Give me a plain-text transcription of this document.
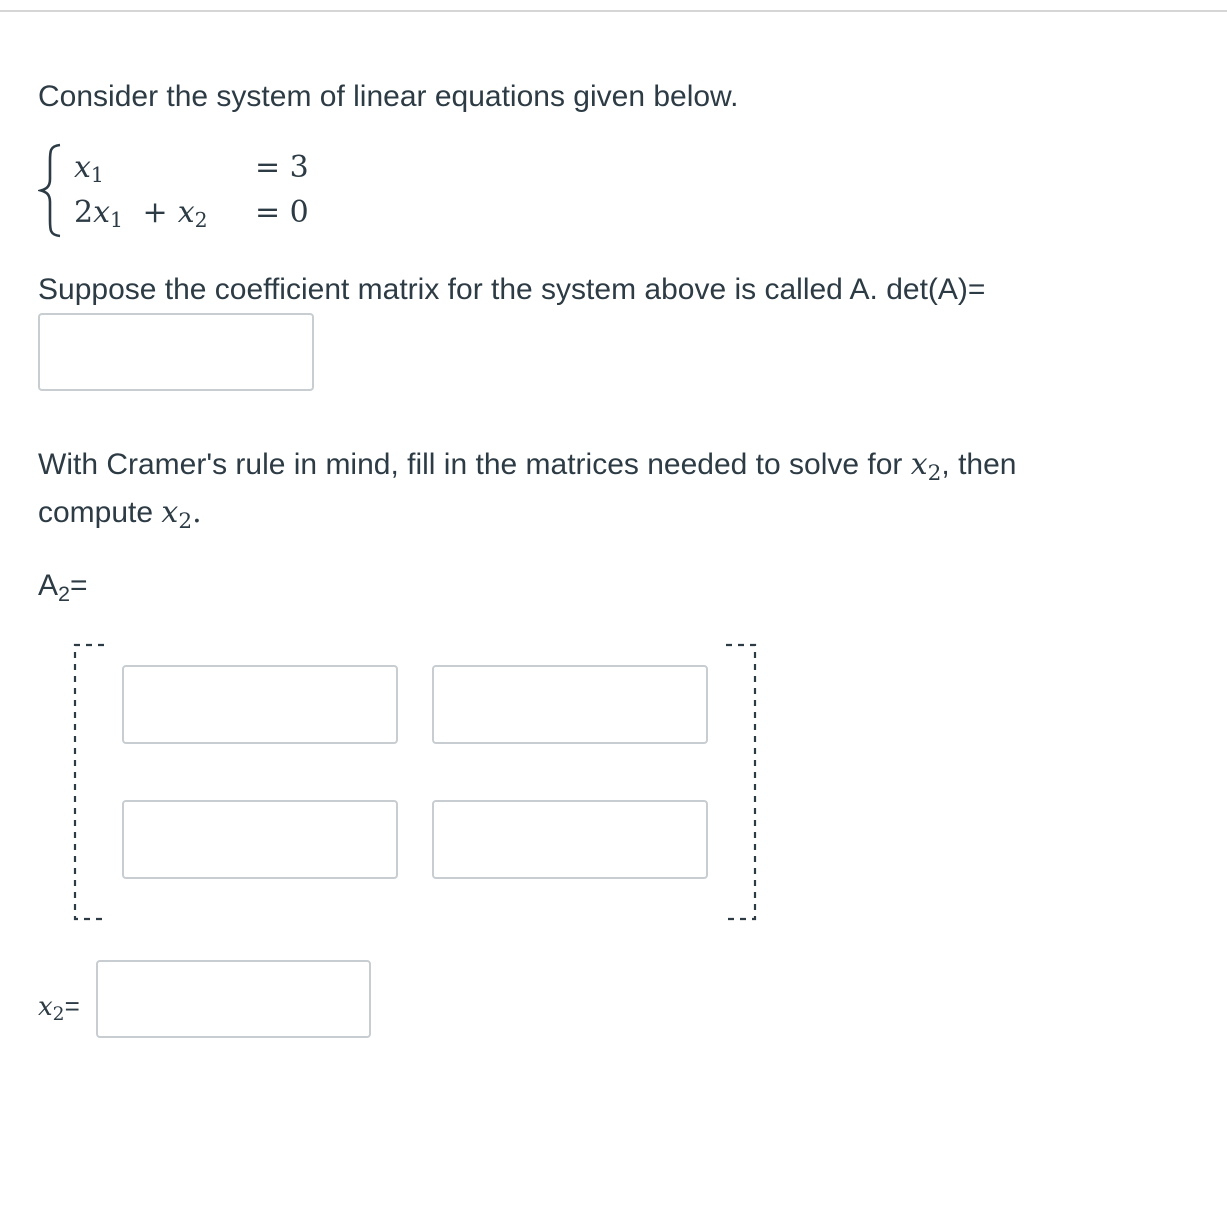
Consider the system of linear equations given below.
x1	= 3
2x1 + x2 = 0
Suppose the coefficient matrix for the system above is called A. det(A)=
With Cramer's rule in mind, fill in the matrices needed to solve for $x_2$, then
compute $x_2$.
$A_2=$
$x_2=$
